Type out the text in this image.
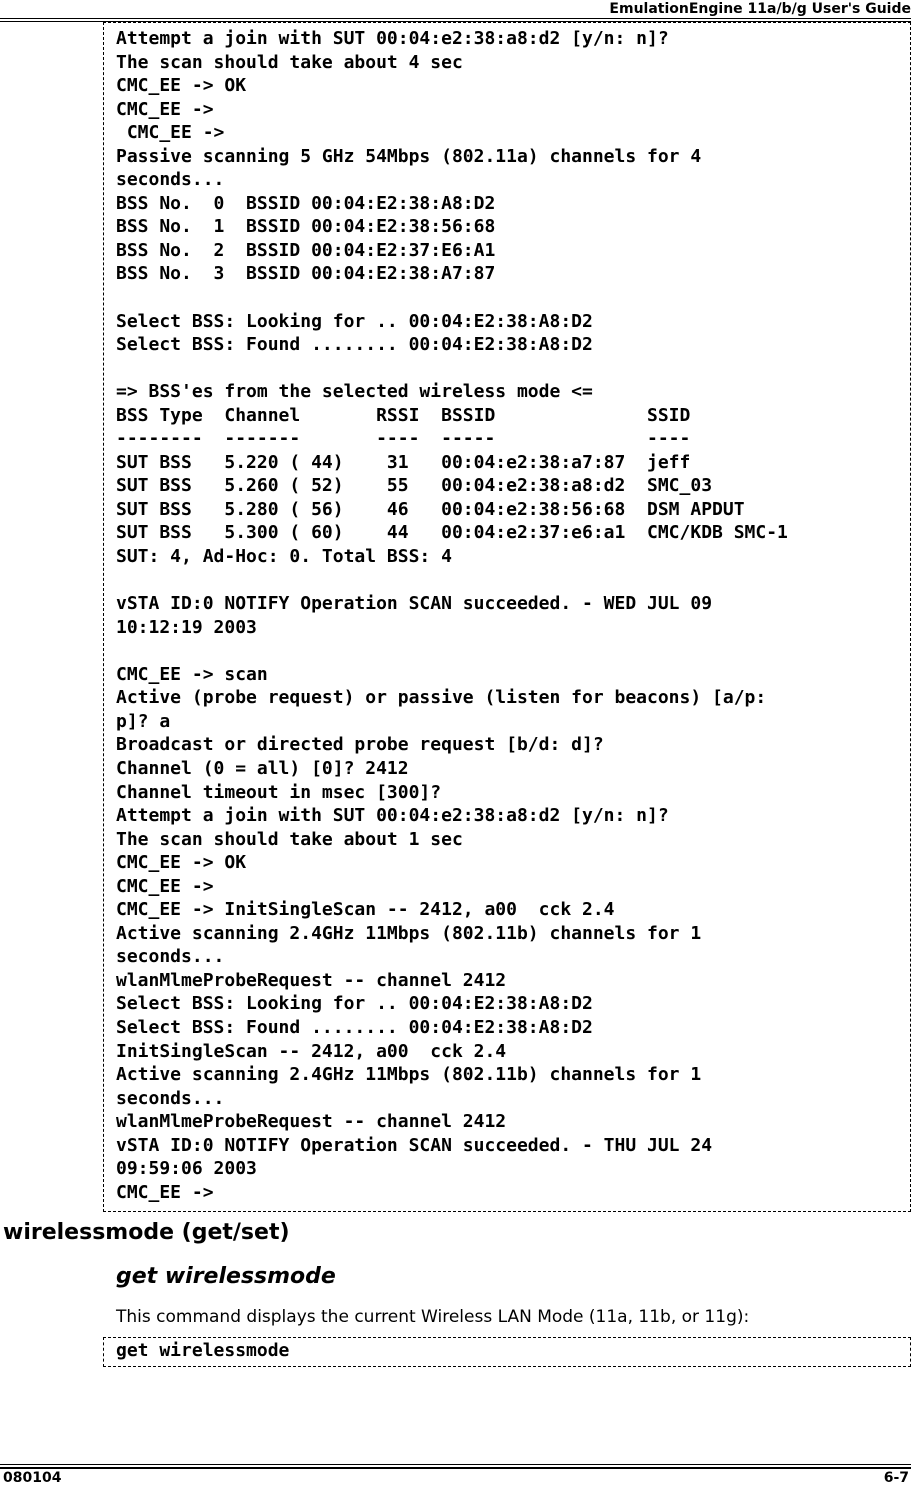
EmulationEngine 11a/b/g User's Guide
Attempt a join with SUT 00:04:e2:38:a8:d2 [y/n: n]?
The scan should take about 4 sec
CMC_EE -> OK
CMC_EE ->
CMC_EE ->
Passive scanning 5 GHz 54Mbps (802.11a) channels for 4
seconds...
BSS No.  0  BSSID 00:04:E2:38:A8:D2
BSS No.  1  BSSID 00:04:E2:38:56:68
BSS No.  2  BSSID 00:04:E2:37:E6:A1
BSS No.  3  BSSID 00:04:E2:38:A7:87
Select BSS: Looking for .. 00:04:E2:38:A8:D2
Select BSS: Found ........ 00:04:E2:38:A8:D2
=> BSS'es from the selected wireless mode <=
BSS Type  Channel       RSSI  BSSID              SSID
--------  -------       ----  -----              ----
SUT BSS   5.220 ( 44)    31   00:04:e2:38:a7:87  jeff
SUT BSS   5.260 ( 52)    55   00:04:e2:38:a8:d2  SMC_03
SUT BSS   5.280 ( 56)    46   00:04:e2:38:56:68  DSM APDUT
SUT BSS   5.300 ( 60)    44   00:04:e2:37:e6:a1  CMC/KDB SMC-1
SUT: 4, Ad-Hoc: 0. Total BSS: 4
vSTA ID:0 NOTIFY Operation SCAN succeeded. - WED JUL 09
10:12:19 2003
CMC_EE -> scan
Active (probe request) or passive (listen for beacons) [a/p:
p]? a
Broadcast or directed probe request [b/d: d]?
Channel (0 = all) [0]? 2412
Channel timeout in msec [300]?
Attempt a join with SUT 00:04:e2:38:a8:d2 [y/n: n]?
The scan should take about 1 sec
CMC_EE -> OK
CMC_EE ->
CMC_EE -> InitSingleScan -- 2412, a00  cck 2.4
Active scanning 2.4GHz 11Mbps (802.11b) channels for 1
seconds...
wlanMlmeProbeRequest -- channel 2412
Select BSS: Looking for .. 00:04:E2:38:A8:D2
Select BSS: Found ........ 00:04:E2:38:A8:D2
InitSingleScan -- 2412, a00  cck 2.4
Active scanning 2.4GHz 11Mbps (802.11b) channels for 1
seconds...
wlanMlmeProbeRequest -- channel 2412
vSTA ID:0 NOTIFY Operation SCAN succeeded. - THU JUL 24
09:59:06 2003
CMC_EE ->
wirelessmode (get/set)
get wirelessmode
This command displays the current Wireless LAN Mode (11a, 11b, or 11g):
get wirelessmode
080104	6-7
